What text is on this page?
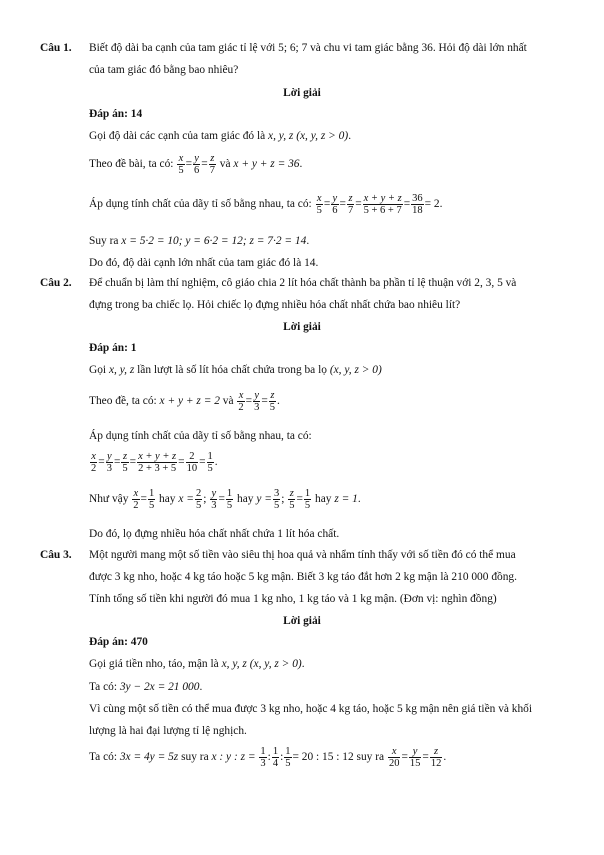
Câu 1. Biết độ dài ba cạnh của tam giác tỉ lệ với 5; 6; 7 và chu vi tam giác bằng 36. Hỏi độ dài lớn nhất
của tam giác đó bằng bao nhiêu?
Lời giải
Đáp án: 14
Gọi độ dài các cạnh của tam giác đó là x, y, z (x, y, z > 0).
Theo đề bài, ta có: $\frac{x}{5} = \frac{y}{6} = \frac{z}{7}$ và x + y + z = 36.
Áp dụng tính chất của dãy tỉ số bằng nhau, ta có: $\frac{x}{5} = \frac{y}{6} = \frac{z}{7} = \frac{x + y + z}{5 + 6 + 7} = \frac{36}{18} = 2$.
Suy ra x = 5·2 = 10; y = 6·2 = 12; z = 7·2 = 14.
Do đó, độ dài cạnh lớn nhất của tam giác đó là 14.
Câu 2. Để chuẩn bị làm thí nghiệm, cô giáo chia 2 lít hóa chất thành ba phần tỉ lệ thuận với 2, 3, 5 và
đựng trong ba chiếc lọ. Hỏi chiếc lọ đựng nhiều hóa chất nhất chứa bao nhiêu lít?
Lời giải
Đáp án: 1
Gọi x, y, z lần lượt là số lít hóa chất chứa trong ba lọ (x, y, z > 0)
Theo đề, ta có: x + y + z = 2 và $\frac{x}{2} = \frac{y}{3} = \frac{z}{5}$ .
Áp dụng tính chất của dãy tỉ số bằng nhau, ta có:
$\frac{x}{2} = \frac{y}{3} = \frac{z}{5} = \frac{x + y + z}{2 + 3 + 5} = \frac{2}{10} = \frac{1}{5}$ .
Như vậy $\frac{x}{2} = \frac{1}{5}$ hay $x = \frac{2}{5}$ ; $\frac{y}{3} = \frac{1}{5}$ hay $y = \frac{3}{5}$ ; $\frac{z}{5} = \frac{1}{5}$ hay z = 1.
Do đó, lọ đựng nhiều hóa chất nhất chứa 1 lít hóa chất.
Câu 3. Một người mang một số tiền vào siêu thị hoa quả và nhẩm tính thấy với số tiền đó có thể mua
được 3 kg nho, hoặc 4 kg táo hoặc 5 kg mận. Biết 3 kg táo đắt hơn 2 kg mận là 210 000 đồng.
Tính tổng số tiền khi người đó mua 1 kg nho, 1 kg táo và 1 kg mận. (Đơn vị: nghìn đồng)
Lời giải
Đáp án: 470
Gọi giá tiền nho, táo, mận là x, y, z (x, y, z > 0).
Ta có: 3y − 2x = 21 000.
Vì cùng một số tiền có thể mua được 3 kg nho, hoặc 4 kg táo, hoặc 5 kg mận nên giá tiền và khối
lượng là hai đại lượng tỉ lệ nghịch.
Ta có: 3x = 4y = 5z suy ra x : y : $z = \frac{1}{3}$ : $\frac{1}{4}$ : $\frac{1}{5} = 20$ : 15 : 12 suy ra $\frac{x}{20} = \frac{y}{15} = \frac{z}{12}$ .
